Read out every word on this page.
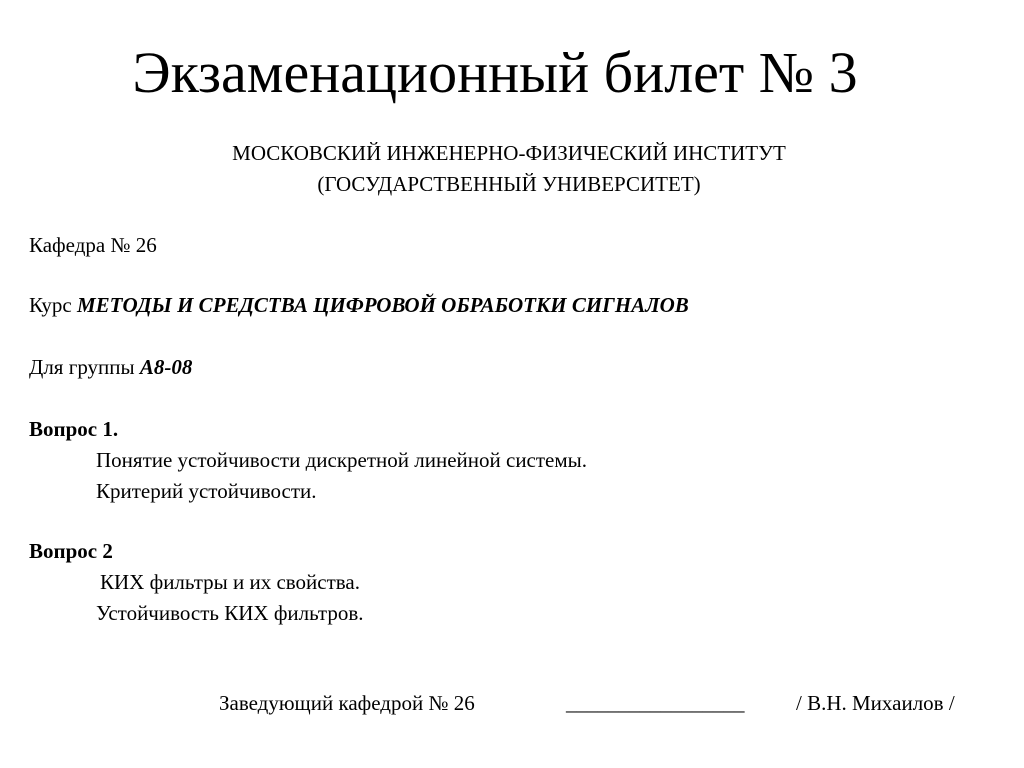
Экзаменационный билет № 3
МОСКОВСКИЙ ИНЖЕНЕРНО-ФИЗИЧЕСКИЙ ИНСТИТУТ
(ГОСУДАРСТВЕННЫЙ УНИВЕРСИТЕТ)
Кафедра № 26
Курс МЕТОДЫ И СРЕДСТВА ЦИФРОВОЙ ОБРАБОТКИ СИГНАЛОВ
Для группы А8-08
Вопрос 1.
Понятие устойчивости дискретной линейной системы.
Критерий устойчивости.
Вопрос 2
КИХ фильтры и их свойства.
Устойчивость КИХ фильтров.
Заведующий кафедрой № 26	_________________ / В.Н. Михаилов /
